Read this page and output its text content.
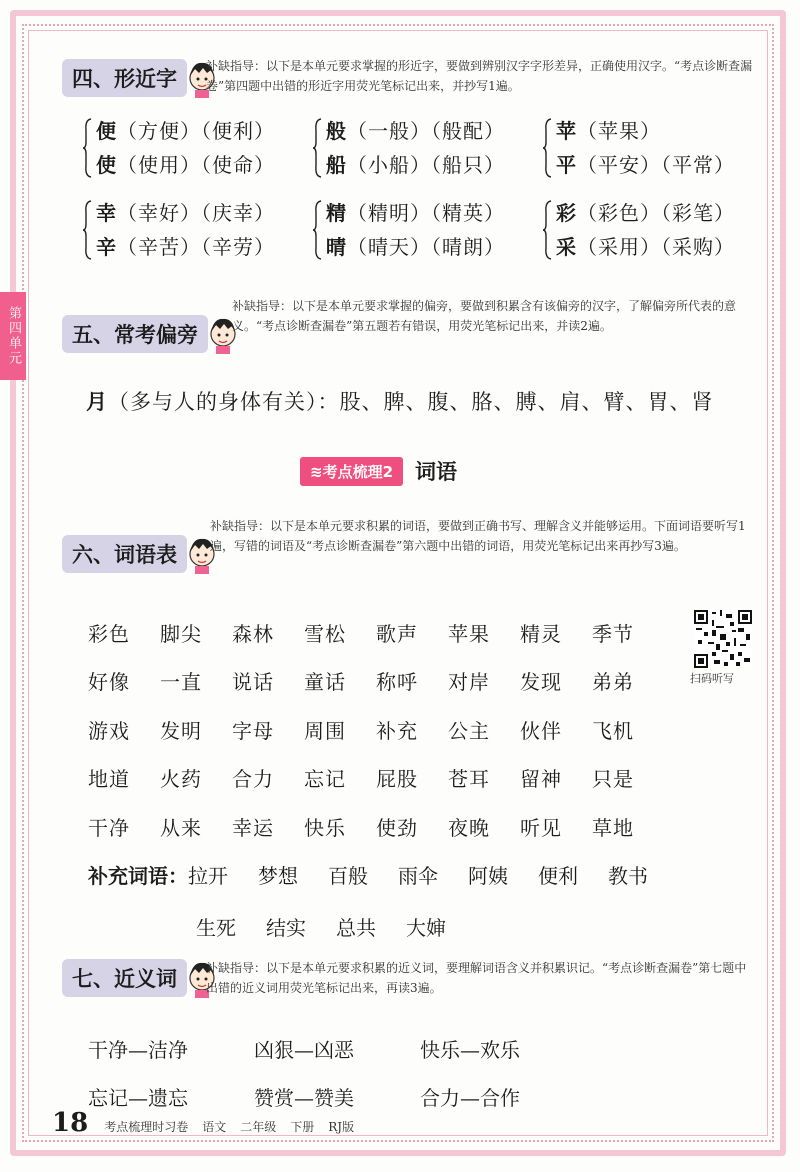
第四单元
四、形近字
补缺指导：以下是本单元要求掌握的形近字，要做到辨别汉字字形差异，正确使用汉字。“考点诊断查漏卷”第四题中出错的形近字用荧光笔标记出来，并抄写1遍。
便（方便）（便利）
使（使用）（使命）
般（一般）（般配）
船（小船）（船只）
苹（苹果）
平（平安）（平常）
幸（幸好）（庆幸）
辛（辛苦）（辛劳）
精（精明）（精英）
晴（晴天）（晴朗）
彩（彩色）（彩笔）
采（采用）（采购）
五、常考偏旁
补缺指导：以下是本单元要求掌握的偏旁，要做到积累含有该偏旁的汉字，了解偏旁所代表的意义。“考点诊断查漏卷”第五题若有错误，用荧光笔标记出来，并读2遍。
月（多与人的身体有关）：股、脾、腹、胳、膊、肩、臂、胃、肾
≋考点梳理2	词语
六、词语表
补缺指导：以下是本单元要求积累的词语，要做到正确书写、理解含义并能够运用。下面词语要听写1遍，写错的词语及“考点诊断查漏卷”第六题中出错的词语，用荧光笔标记出来再抄写3遍。
彩色	脚尖	森林	雪松	歌声	苹果	精灵	季节
好像	一直	说话	童话	称呼	对岸	发现	弟弟
游戏	发明	字母	周围	补充	公主	伙伴	飞机
地道	火药	合力	忘记	屁股	苍耳	留神	只是
干净	从来	幸运	快乐	使劲	夜晚	听见	草地
扫码听写
补充词语： 拉开	梦想	百般	雨伞	阿姨	便利	教书
生死	结实	总共	大婶
七、近义词	补缺指导：以下是本单元要求积累的近义词，要理解词语含义并积累识记。“考点诊断查漏卷”第七题中出错的近义词用荧光笔标记出来，再读3遍。
干净—洁净	凶狠—凶恶	快乐—欢乐
忘记—遗忘	赞赏—赞美	合力—合作
18 考点梳理时习卷 语文 二年级 下册 RJ版
